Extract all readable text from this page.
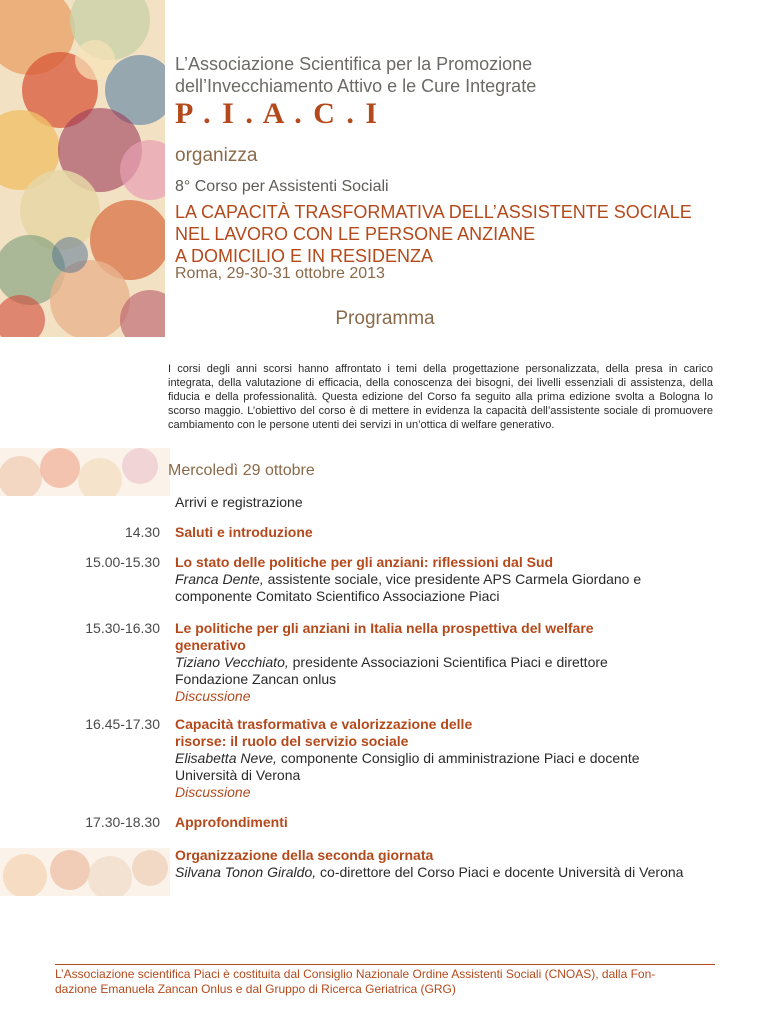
L’Associazione Scientifica per la Promozione
dell’Invecchiamento Attivo e le Cure Integrate
P . I . A . C . I
organizza
8° Corso per Assistenti Sociali
LA CAPACITÀ TRASFORMATIVA DELL’ASSISTENTE SOCIALE
NEL LAVORO CON LE PERSONE ANZIANE
A DOMICILIO E IN RESIDENZA
Roma, 29-30-31 ottobre 2013
Programma
I corsi degli anni scorsi hanno affrontato i temi della progettazione personalizzata, della presa in carico integrata, della valutazione di efficacia, della conoscenza dei bisogni, dei livelli essenziali di assistenza, della fiducia e della professionalità. Questa edizione del Corso fa seguito alla prima edizione svolta a Bologna lo scorso maggio. L’obiettivo del corso è di mettere in evidenza la capacità dell’assistente sociale di promuovere cambiamento con le persone utenti dei servizi in un’ottica di welfare generativo.
Mercoledì 29 ottobre
Arrivi e registrazione
14.30 Saluti e introduzione
15.00-15.30 Lo stato delle politiche per gli anziani: riflessioni dal Sud
Franca Dente, assistente sociale, vice presidente APS Carmela Giordano e
componente Comitato Scientifico Associazione Piaci
15.30-16.30 Le politiche per gli anziani in Italia nella prospettiva del welfare
generativo
Tiziano Vecchiato, presidente Associazioni Scientifica Piaci e direttore
Fondazione Zancan onlus
Discussione
16.45-17.30 Capacità trasformativa e valorizzazione delle
risorse: il ruolo del servizio sociale
Elisabetta Neve, componente Consiglio di amministrazione Piaci e docente
Università di Verona
Discussione
17.30-18.30 Approfondimenti
Organizzazione della seconda giornata
Silvana Tonon Giraldo, co-direttore del Corso Piaci e docente Università di Verona
L’Associazione scientifica Piaci è costituita dal Consiglio Nazionale Ordine Assistenti Sociali (CNOAS), dalla Fon-
dazione Emanuela Zancan Onlus e dal Gruppo di Ricerca Geriatrica (GRG)
